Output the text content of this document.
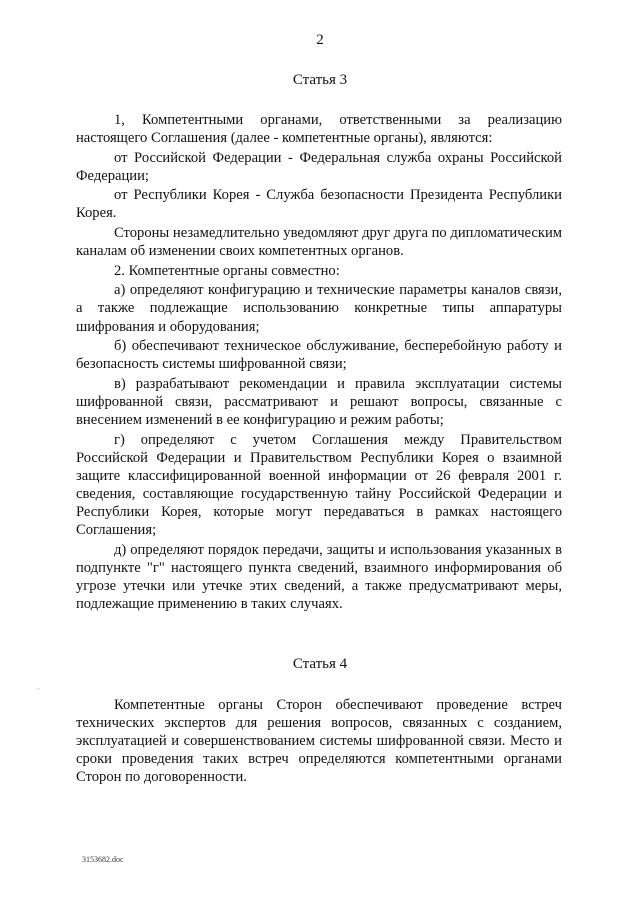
2
Статья 3

1, Компетентными органами, ответственными за реализацию настоящего Соглашения (далее - компетентные органы), являются:

от Российской Федерации - Федеральная служба охраны Российской Федерации;

от Республики Корея - Служба безопасности Президента Республики Корея.

Стороны незамедлительно уведомляют друг друга по дипломатическим каналам об изменении своих компетентных органов.

2. Компетентные органы совместно:

а) определяют конфигурацию и технические параметры каналов связи, а также подлежащие использованию конкретные типы аппаратуры шифрования и оборудования;

б) обеспечивают техническое обслуживание, бесперебойную работу и безопасность системы шифрованной связи;

в) разрабатывают рекомендации и правила эксплуатации системы шифрованной связи, рассматривают и решают вопросы, связанные с внесением изменений в ее конфигурацию и режим работы;

г) определяют с учетом Соглашения между Правительством Российской Федерации и Правительством Республики Корея о взаимной защите классифицированной военной информации от 26 февраля 2001 г. сведения, составляющие государственную тайну Российской Федерации и Республики Корея, которые могут передаваться в рамках настоящего Соглашения;

д) определяют порядок передачи, защиты и использования указанных в подпункте "г" настоящего пункта сведений, взаимного информирования об угрозе утечки или утечке этих сведений, а также предусматривают меры, подлежащие применению в таких случаях.

Статья 4

Компетентные органы Сторон обеспечивают проведение встреч технических экспертов для решения вопросов, связанных с созданием, эксплуатацией и совершенствованием системы шифрованной связи. Место и сроки проведения таких встреч определяются компетентными органами Сторон по договоренности.

3153682.doc
